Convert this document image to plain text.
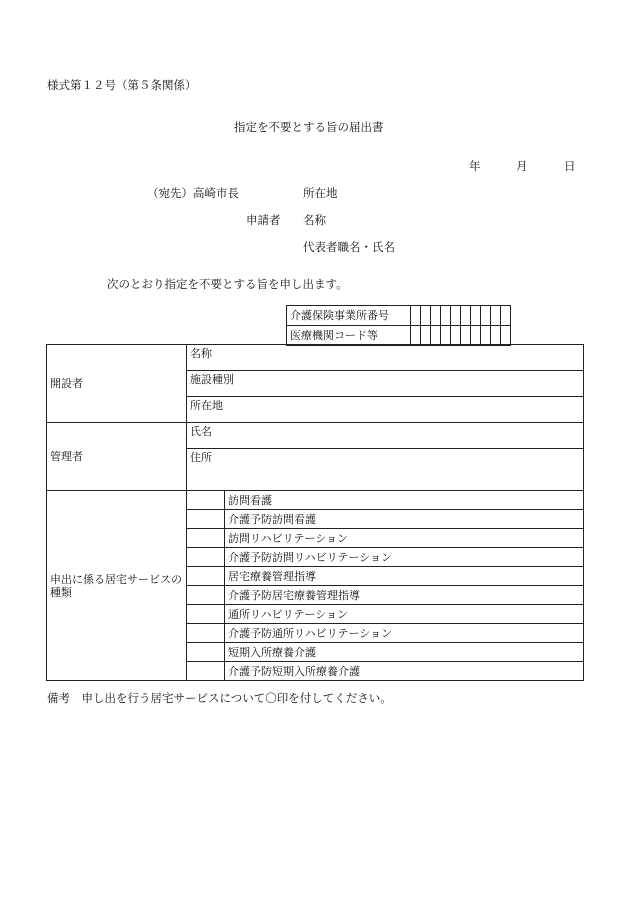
様式第１２号（第５条関係）
指定を不要とする旨の届出書
年	月	日
（宛先）高崎市長	所在地
申請者 名称
代表者職名・氏名
次のとおり指定を不要とする旨を申し出ます。
介護保険事業所番号										
医療機関コード等										
開設者	名称	
	施設種別	
	所在地	
管理者	氏名	
	住所	
申出に係る居宅サービスの種類		訪問看護
		介護予防訪問看護
		訪問リハビリテーション
		介護予防訪問リハビリテーション
		居宅療養管理指導
		介護予防居宅療養管理指導
		通所リハビリテーション
		介護予防通所リハビリテーション
		短期入所療養介護
		介護予防短期入所療養介護
備考　申し出を行う居宅サービスについて〇印を付してください。
